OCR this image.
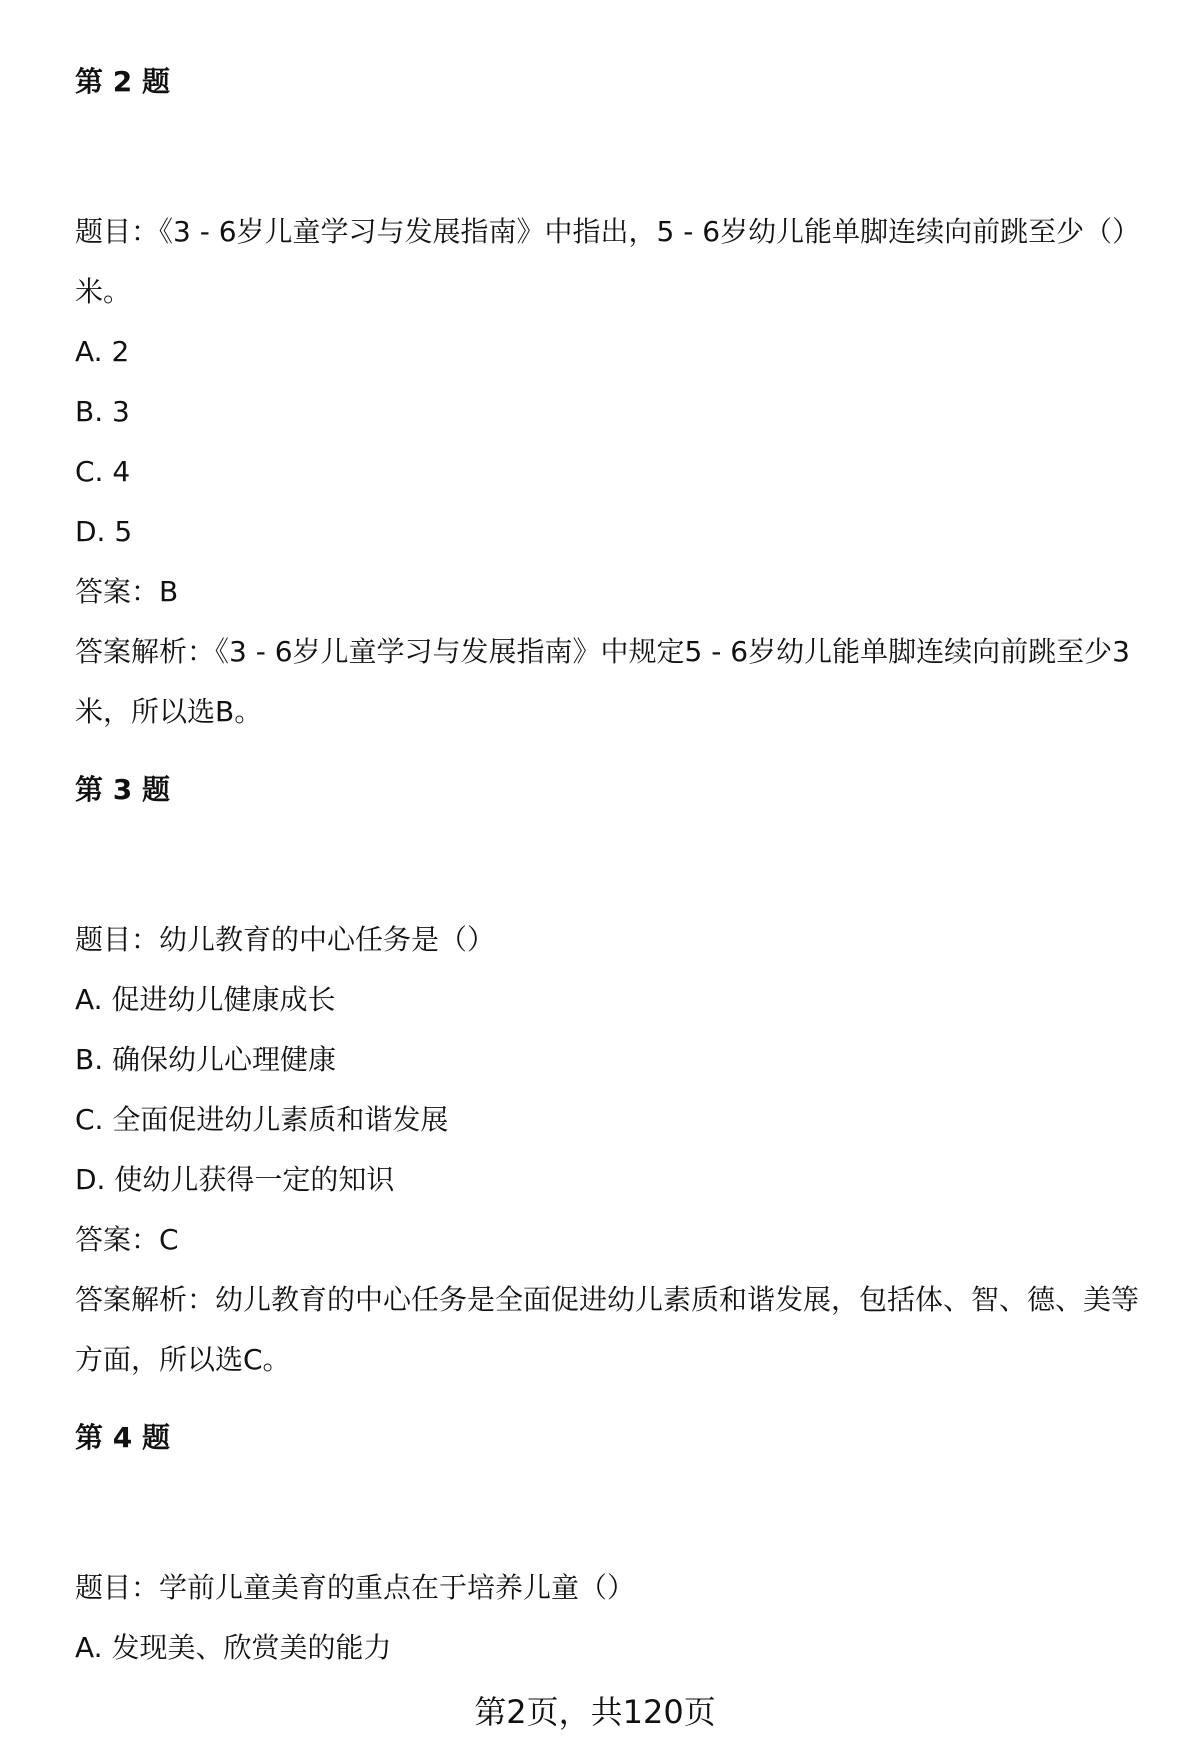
第 2 题

题目：《3 - 6岁儿童学习与发展指南》中指出，5 - 6岁幼儿能单脚连续向前跳至少（）米。

A. 2

B. 3

C. 4

D. 5

答案：B

答案解析：《3 - 6岁儿童学习与发展指南》中规定5 - 6岁幼儿能单脚连续向前跳至少3米，所以选B。

第 3 题

题目：幼儿教育的中心任务是（）

A. 促进幼儿健康成长

B. 确保幼儿心理健康

C. 全面促进幼儿素质和谐发展

D. 使幼儿获得一定的知识

答案：C

答案解析：幼儿教育的中心任务是全面促进幼儿素质和谐发展，包括体、智、德、美等方面，所以选C。

第 4 题

题目：学前儿童美育的重点在于培养儿童（）

A. 发现美、欣赏美的能力

第2页，共120页
